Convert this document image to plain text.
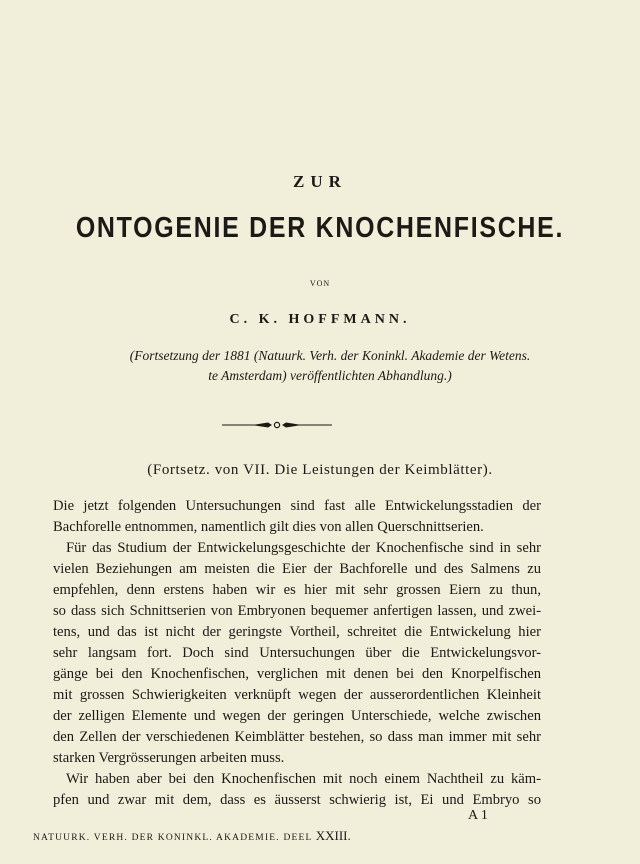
ZUR
ONTOGENIE DER KNOCHENFISCHE.
VON
C. K. HOFFMANN.
(Fortsetzung der 1881 (Natuurk. Verh. der Koninkl. Akademie der Wetens.
te Amsterdam) veröffentlichten Abhandlung.)
(Fortsetz. von VII. Die Leistungen der Keimblätter).
Die jetzt folgenden Untersuchungen sind fast alle Entwickelungsstadien der
Bachforelle entnommen, namentlich gilt dies von allen Querschnittserien.
Für das Studium der Entwickelungsgeschichte der Knochenfische sind in sehr
vielen Beziehungen am meisten die Eier der Bachforelle und des Salmens zu
empfehlen, denn erstens haben wir es hier mit sehr grossen Eiern zu thun,
so dass sich Schnittserien von Embryonen bequemer anfertigen lassen, und zwei-
tens, und das ist nicht der geringste Vortheil, schreitet die Entwickelung hier
sehr langsam fort. Doch sind Untersuchungen über die Entwickelungsvor-
gänge bei den Knochenfischen, verglichen mit denen bei den Knorpelfischen
mit grossen Schwierigkeiten verknüpft wegen der ausserordentlichen Kleinheit
der zelligen Elemente und wegen der geringen Unterschiede, welche zwischen
den Zellen der verschiedenen Keimblätter bestehen, so dass man immer mit sehr
starken Vergrösserungen arbeiten muss.
Wir haben aber bei den Knochenfischen mit noch einem Nachtheil zu käm-
pfen und zwar mit dem, dass es äusserst schwierig ist, Ei und Embryo so
A 1
NATUURK. VERH. DER KONINKL. AKADEMIE. DEEL XXIII.
